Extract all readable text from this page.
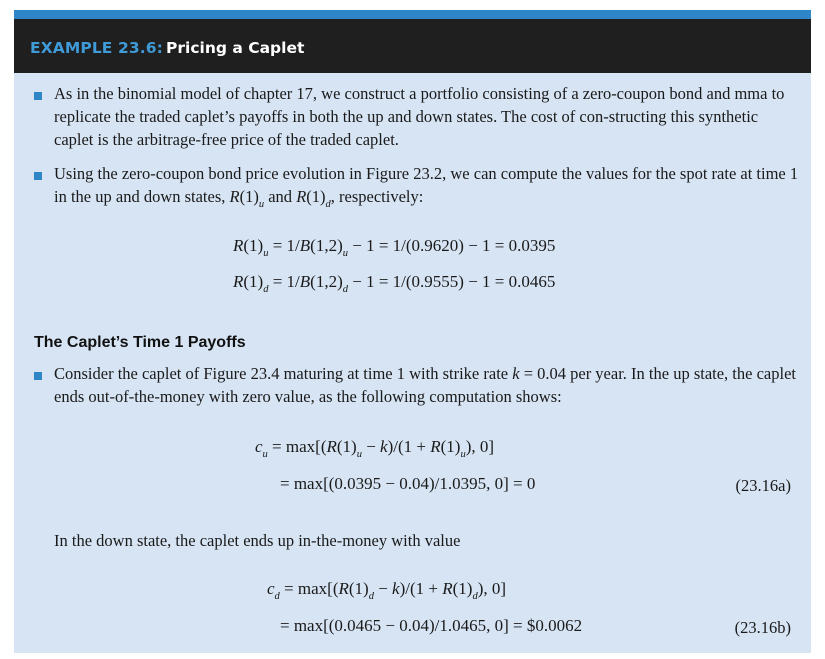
EXAMPLE 23.6: Pricing a Caplet
As in the binomial model of chapter 17, we construct a portfolio consisting of a zero-coupon bond and mma to replicate the traded caplet’s payoffs in both the up and down states. The cost of con-structing this synthetic caplet is the arbitrage-free price of the traded caplet.
Using the zero-coupon bond price evolution in Figure 23.2, we can compute the values for the spot rate at time 1 in the up and down states, $R(1)_u$ and $R(1)_d$, respectively:
$R(1)_u = 1/B(1,2)_u - 1 = 1/(0.9620) - 1 = 0.0395$
$R(1)_d = 1/B(1,2)_d - 1 = 1/(0.9555) - 1 = 0.0465$
The Caplet’s Time 1 Payoffs
Consider the caplet of Figure 23.4 maturing at time 1 with strike rate k = 0.04 per year. In the up state, the caplet ends out-of-the-money with zero value, as the following computation shows:
$c_u = \max[(R(1)_u - k)/(1 + R(1)_u)$, 0]
= max[(0.0395 − 0.04)/1.0395, 0] = 0	(23.16a)
In the down state, the caplet ends up in-the-money with value
$c_d = \max[(R(1)_d - k)/(1 + R(1)_d)$, 0]
= max[(0.0465 − 0.04)/1.0465, 0] = $0.0062	(23.16b)
